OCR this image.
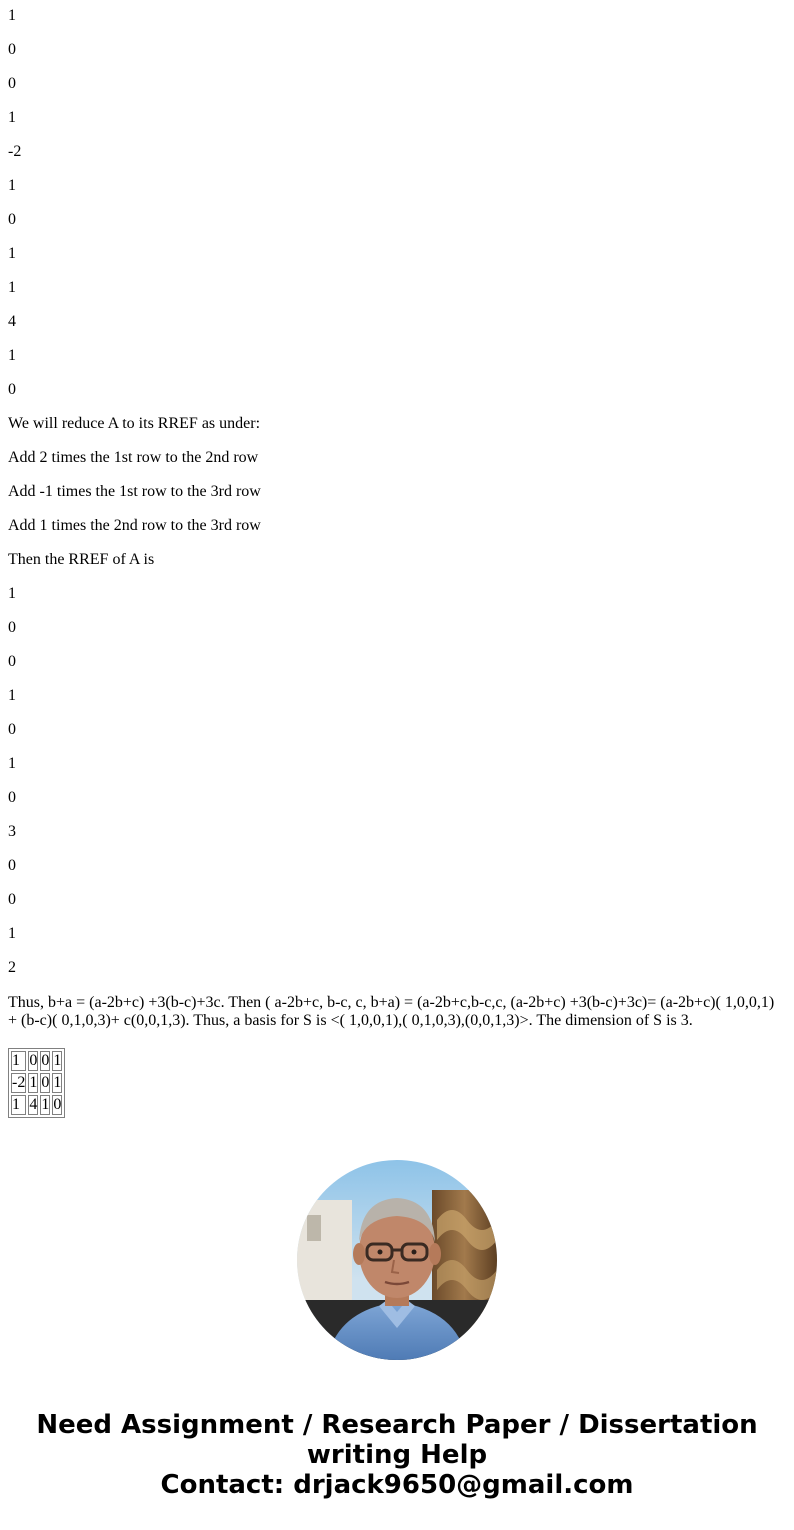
1

0

0

1

-2

1

0

1

1

4

1

0

We will reduce A to its RREF as under:

Add 2 times the 1st row to the 2nd row

Add -1 times the 1st row to the 3rd row

Add 1 times the 2nd row to the 3rd row

Then the RREF of A is

1

0

0

1

0

1

0

3

0

0

1

2

Thus, b+a = (a-2b+c) +3(b-c)+3c. Then ( a-2b+c, b-c, c, b+a) = (a-2b+c,b-c,c, (a-2b+c) +3(b-c)+3c)= (a-2b+c)( 1,0,0,1) + (b-c)( 0,1,0,3)+ c(0,0,1,3). Thus, a basis for S is <( 1,0,0,1),( 0,1,0,3),(0,0,1,3)>. The dimension of S is 3.

1	0	0	1
-2	1	0	1
1	4	1	0
Need Assignment / Research Paper / Dissertation
writing Help
Contact: drjack9650@gmail.com
